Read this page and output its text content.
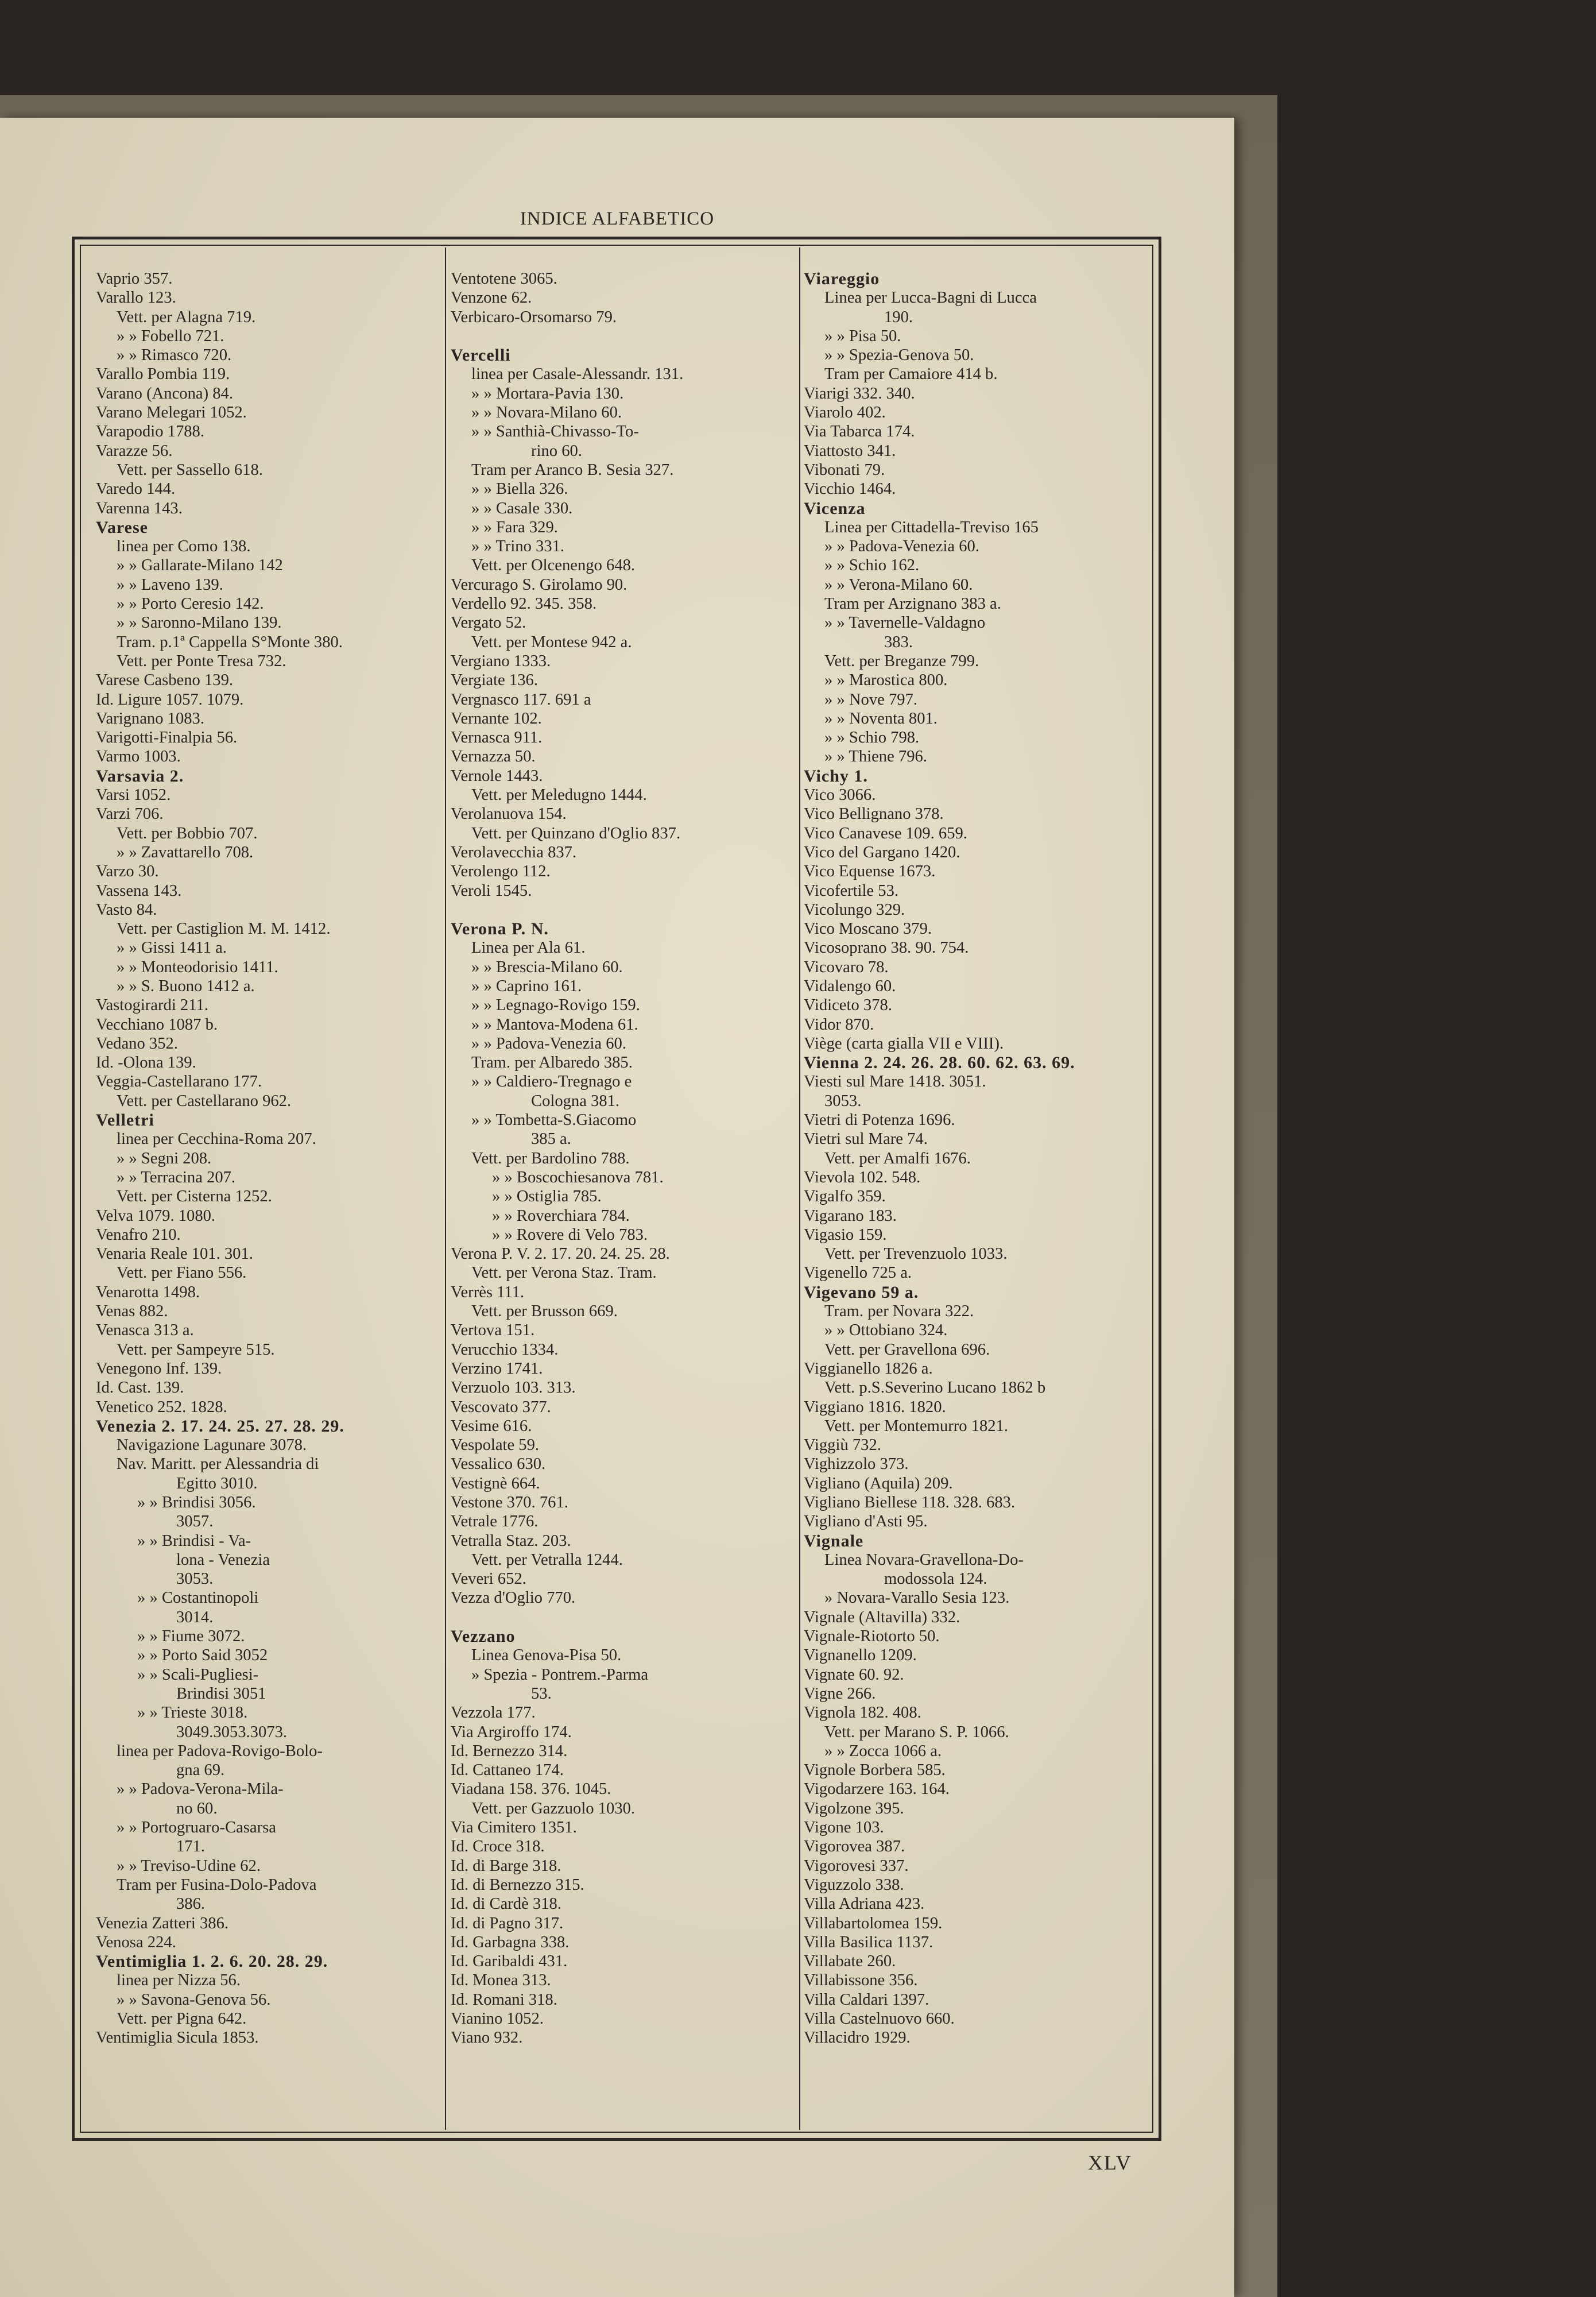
INDICE ALFABETICO
Vaprio 357.
Varallo 123.
Vett. per Alagna 719.
» » Fobello 721.
» » Rimasco 720.
Varallo Pombia 119.
Varano (Ancona) 84.
Varano Melegari 1052.
Varapodio 1788.
Varazze 56.
Vett. per Sassello 618.
Varedo 144.
Varenna 143.
Varese
linea per Como 138.
» » Gallarate-Milano 142
» » Laveno 139.
» » Porto Ceresio 142.
» » Saronno-Milano 139.
Tram. p.1ª Cappella S°Monte 380.
Vett. per Ponte Tresa 732.
Varese Casbeno 139.
Id. Ligure 1057. 1079.
Varignano 1083.
Varigotti-Finalpia 56.
Varmo 1003.
Varsavia 2.
Varsi 1052.
Varzi 706.
Vett. per Bobbio 707.
» » Zavattarello 708.
Varzo 30.
Vassena 143.
Vasto 84.
Vett. per Castiglion M. M. 1412.
» » Gissi 1411 a.
» » Monteodorisio 1411.
» » S. Buono 1412 a.
Vastogirardi 211.
Vecchiano 1087 b.
Vedano 352.
Id. -Olona 139.
Veggia-Castellarano 177.
Vett. per Castellarano 962.
Velletri
linea per Cecchina-Roma 207.
» » Segni 208.
» » Terracina 207.
Vett. per Cisterna 1252.
Velva 1079. 1080.
Venafro 210.
Venaria Reale 101. 301.
Vett. per Fiano 556.
Venarotta 1498.
Venas 882.
Venasca 313 a.
Vett. per Sampeyre 515.
Venegono Inf. 139.
Id. Cast. 139.
Venetico 252. 1828.
Venezia 2. 17. 24. 25. 27. 28. 29.
Navigazione Lagunare 3078.
Nav. Maritt. per Alessandria di
Egitto 3010.
» » Brindisi 3056.
3057.
» » Brindisi - Va-
lona - Venezia
3053.
» » Costantinopoli
3014.
» » Fiume 3072.
» » Porto Said 3052
» » Scali-Pugliesi-
Brindisi 3051
» » Trieste 3018.
3049.3053.3073.
linea per Padova-Rovigo-Bolo-
gna 69.
» » Padova-Verona-Mila-
no 60.
» » Portogruaro-Casarsa
171.
» » Treviso-Udine 62.
Tram per Fusina-Dolo-Padova
386.
Venezia Zatteri 386.
Venosa 224.
Ventimiglia 1. 2. 6. 20. 28. 29.
linea per Nizza 56.
» » Savona-Genova 56.
Vett. per Pigna 642.
Ventimiglia Sicula 1853.
Ventotene 3065.
Venzone 62.
Verbicaro-Orsomarso 79.

Vercelli
linea per Casale-Alessandr. 131.
» » Mortara-Pavia 130.
» » Novara-Milano 60.
» » Santhià-Chivasso-To-
rino 60.
Tram per Aranco B. Sesia 327.
» » Biella 326.
» » Casale 330.
» » Fara 329.
» » Trino 331.
Vett. per Olcenengo 648.
Vercurago S. Girolamo 90.
Verdello 92. 345. 358.
Vergato 52.
Vett. per Montese 942 a.
Vergiano 1333.
Vergiate 136.
Vergnasco 117. 691 a
Vernante 102.
Vernasca 911.
Vernazza 50.
Vernole 1443.
Vett. per Meledugno 1444.
Verolanuova 154.
Vett. per Quinzano d'Oglio 837.
Verolavecchia 837.
Verolengo 112.
Veroli 1545.

Verona P. N.
Linea per Ala 61.
» » Brescia-Milano 60.
» » Caprino 161.
» » Legnago-Rovigo 159.
» » Mantova-Modena 61.
» » Padova-Venezia 60.
Tram. per Albaredo 385.
» » Caldiero-Tregnago e
Cologna 381.
» » Tombetta-S.Giacomo
385 a.
Vett. per Bardolino 788.
» » Boscochiesanova 781.
» » Ostiglia 785.
» » Roverchiara 784.
» » Rovere di Velo 783.
Verona P. V. 2. 17. 20. 24. 25. 28.
Vett. per Verona Staz. Tram.
Verrès 111.
Vett. per Brusson 669.
Vertova 151.
Verucchio 1334.
Verzino 1741.
Verzuolo 103. 313.
Vescovato 377.
Vesime 616.
Vespolate 59.
Vessalico 630.
Vestignè 664.
Vestone 370. 761.
Vetrale 1776.
Vetralla Staz. 203.
Vett. per Vetralla 1244.
Veveri 652.
Vezza d'Oglio 770.

Vezzano
Linea Genova-Pisa 50.
» Spezia - Pontrem.-Parma
53.
Vezzola 177.
Via Argiroffo 174.
Id. Bernezzo 314.
Id. Cattaneo 174.
Viadana 158. 376. 1045.
Vett. per Gazzuolo 1030.
Via Cimitero 1351.
Id. Croce 318.
Id. di Barge 318.
Id. di Bernezzo 315.
Id. di Cardè 318.
Id. di Pagno 317.
Id. Garbagna 338.
Id. Garibaldi 431.
Id. Monea 313.
Id. Romani 318.
Vianino 1052.
Viano 932.
Viareggio
Linea per Lucca-Bagni di Lucca
190.
» » Pisa 50.
» » Spezia-Genova 50.
Tram per Camaiore 414 b.
Viarigi 332. 340.
Viarolo 402.
Via Tabarca 174.
Viattosto 341.
Vibonati 79.
Vicchio 1464.
Vicenza
Linea per Cittadella-Treviso 165
» » Padova-Venezia 60.
» » Schio 162.
» » Verona-Milano 60.
Tram per Arzignano 383 a.
» » Tavernelle-Valdagno
383.
Vett. per Breganze 799.
» » Marostica 800.
» » Nove 797.
» » Noventa 801.
» » Schio 798.
» » Thiene 796.
Vichy 1.
Vico 3066.
Vico Bellignano 378.
Vico Canavese 109. 659.
Vico del Gargano 1420.
Vico Equense 1673.
Vicofertile 53.
Vicolungo 329.
Vico Moscano 379.
Vicosoprano 38. 90. 754.
Vicovaro 78.
Vidalengo 60.
Vidiceto 378.
Vidor 870.
Viège (carta gialla VII e VIII).
Vienna 2. 24. 26. 28. 60. 62. 63. 69.
Viesti sul Mare 1418. 3051.
3053.
Vietri di Potenza 1696.
Vietri sul Mare 74.
Vett. per Amalfi 1676.
Vievola 102. 548.
Vigalfo 359.
Vigarano 183.
Vigasio 159.
Vett. per Trevenzuolo 1033.
Vigenello 725 a.
Vigevano 59 a.
Tram. per Novara 322.
» » Ottobiano 324.
Vett. per Gravellona 696.
Viggianello 1826 a.
Vett. p.S.Severino Lucano 1862 b
Viggiano 1816. 1820.
Vett. per Montemurro 1821.
Viggiù 732.
Vighizzolo 373.
Vigliano (Aquila) 209.
Vigliano Biellese 118. 328. 683.
Vigliano d'Asti 95.
Vignale
Linea Novara-Gravellona-Do-
modossola 124.
» Novara-Varallo Sesia 123.
Vignale (Altavilla) 332.
Vignale-Riotorto 50.
Vignanello 1209.
Vignate 60. 92.
Vigne 266.
Vignola 182. 408.
Vett. per Marano S. P. 1066.
» » Zocca 1066 a.
Vignole Borbera 585.
Vigodarzere 163. 164.
Vigolzone 395.
Vigone 103.
Vigorovea 387.
Vigorovesi 337.
Viguzzolo 338.
Villa Adriana 423.
Villabartolomea 159.
Villa Basilica 1137.
Villabate 260.
Villabissone 356.
Villa Caldari 1397.
Villa Castelnuovo 660.
Villacidro 1929.
XLV
